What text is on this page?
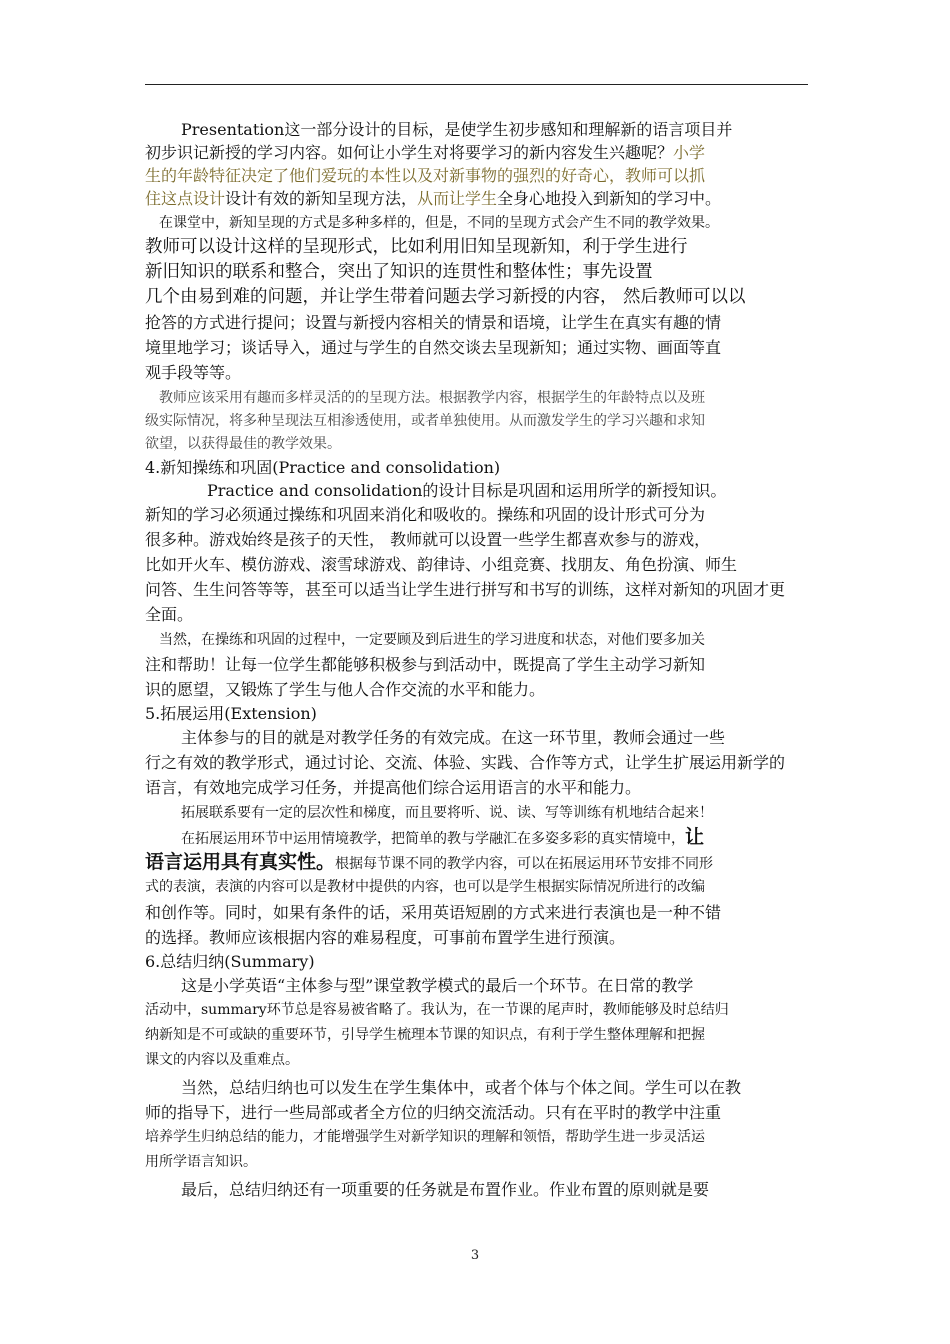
Presentation这一部分设计的目标，是使学生初步感知和理解新的语言项目并

初步识记新授的学习内容。如何让小学生对将要学习的新内容发生兴趣呢？小学

生的年龄特征决定了他们爱玩的本性以及对新事物的强烈的好奇心，教师可以抓

住这点设计设计有效的新知呈现方法，从而让学生全身心地投入到新知的学习中。

在课堂中，新知呈现的方式是多种多样的，但是，不同的呈现方式会产生不同的教学效果。

教师可以设计这样的呈现形式，比如利用旧知呈现新知，利于学生进行

新旧知识的联系和整合，突出了知识的连贯性和整体性；事先设置

几个由易到难的问题，并让学生带着问题去学习新授的内容， 然后教师可以以

抢答的方式进行提问；设置与新授内容相关的情景和语境，让学生在真实有趣的情

境里地学习；谈话导入，通过与学生的自然交谈去呈现新知；通过实物、画面等直

观手段等等。

教师应该采用有趣而多样灵活的的呈现方法。根据教学内容，根据学生的年龄特点以及班

级实际情况，将多种呈现法互相渗透使用，或者单独使用。从而激发学生的学习兴趣和求知

欲望，以获得最佳的教学效果。

4.新知操练和巩固(Practice and consolidation)

Practice and consolidation的设计目标是巩固和运用所学的新授知识。

新知的学习必须通过操练和巩固来消化和吸收的。操练和巩固的设计形式可分为

很多种。游戏始终是孩子的天性， 教师就可以设置一些学生都喜欢参与的游戏，

比如开火车、模仿游戏、滚雪球游戏、韵律诗、小组竞赛、找朋友、角色扮演、师生

问答、生生问答等等，甚至可以适当让学生进行拼写和书写的训练，这样对新知的巩固才更

全面。

当然，在操练和巩固的过程中，一定要顾及到后进生的学习进度和状态，对他们要多加关

注和帮助！让每一位学生都能够积极参与到活动中，既提高了学生主动学习新知

识的愿望，又锻炼了学生与他人合作交流的水平和能力。

5.拓展运用(Extension)

主体参与的目的就是对教学任务的有效完成。在这一环节里，教师会通过一些

行之有效的教学形式，通过讨论、交流、体验、实践、合作等方式，让学生扩展运用新学的

语言，有效地完成学习任务，并提高他们综合运用语言的水平和能力。

拓展联系要有一定的层次性和梯度，而且要将听、说、读、写等训练有机地结合起来！

在拓展运用环节中运用情境教学，把简单的教与学融汇在多姿多彩的真实情境中，让

语言运用具有真实性。根据每节课不同的教学内容，可以在拓展运用环节安排不同形

式的表演，表演的内容可以是教材中提供的内容，也可以是学生根据实际情况所进行的改编

和创作等。同时，如果有条件的话，采用英语短剧的方式来进行表演也是一种不错

的选择。教师应该根据内容的难易程度，可事前布置学生进行预演。

6.总结归纳(Summary)

这是小学英语“主体参与型”课堂教学模式的最后一个环节。在日常的教学

活动中，summary环节总是容易被省略了。我认为，在一节课的尾声时，教师能够及时总结归

纳新知是不可或缺的重要环节，引导学生梳理本节课的知识点，有利于学生整体理解和把握

课文的内容以及重难点。

当然，总结归纳也可以发生在学生集体中，或者个体与个体之间。学生可以在教

师的指导下，进行一些局部或者全方位的归纳交流活动。只有在平时的教学中注重

培养学生归纳总结的能力，才能增强学生对新学知识的理解和领悟，帮助学生进一步灵活运

用所学语言知识。

最后，总结归纳还有一项重要的任务就是布置作业。作业布置的原则就是要

3
